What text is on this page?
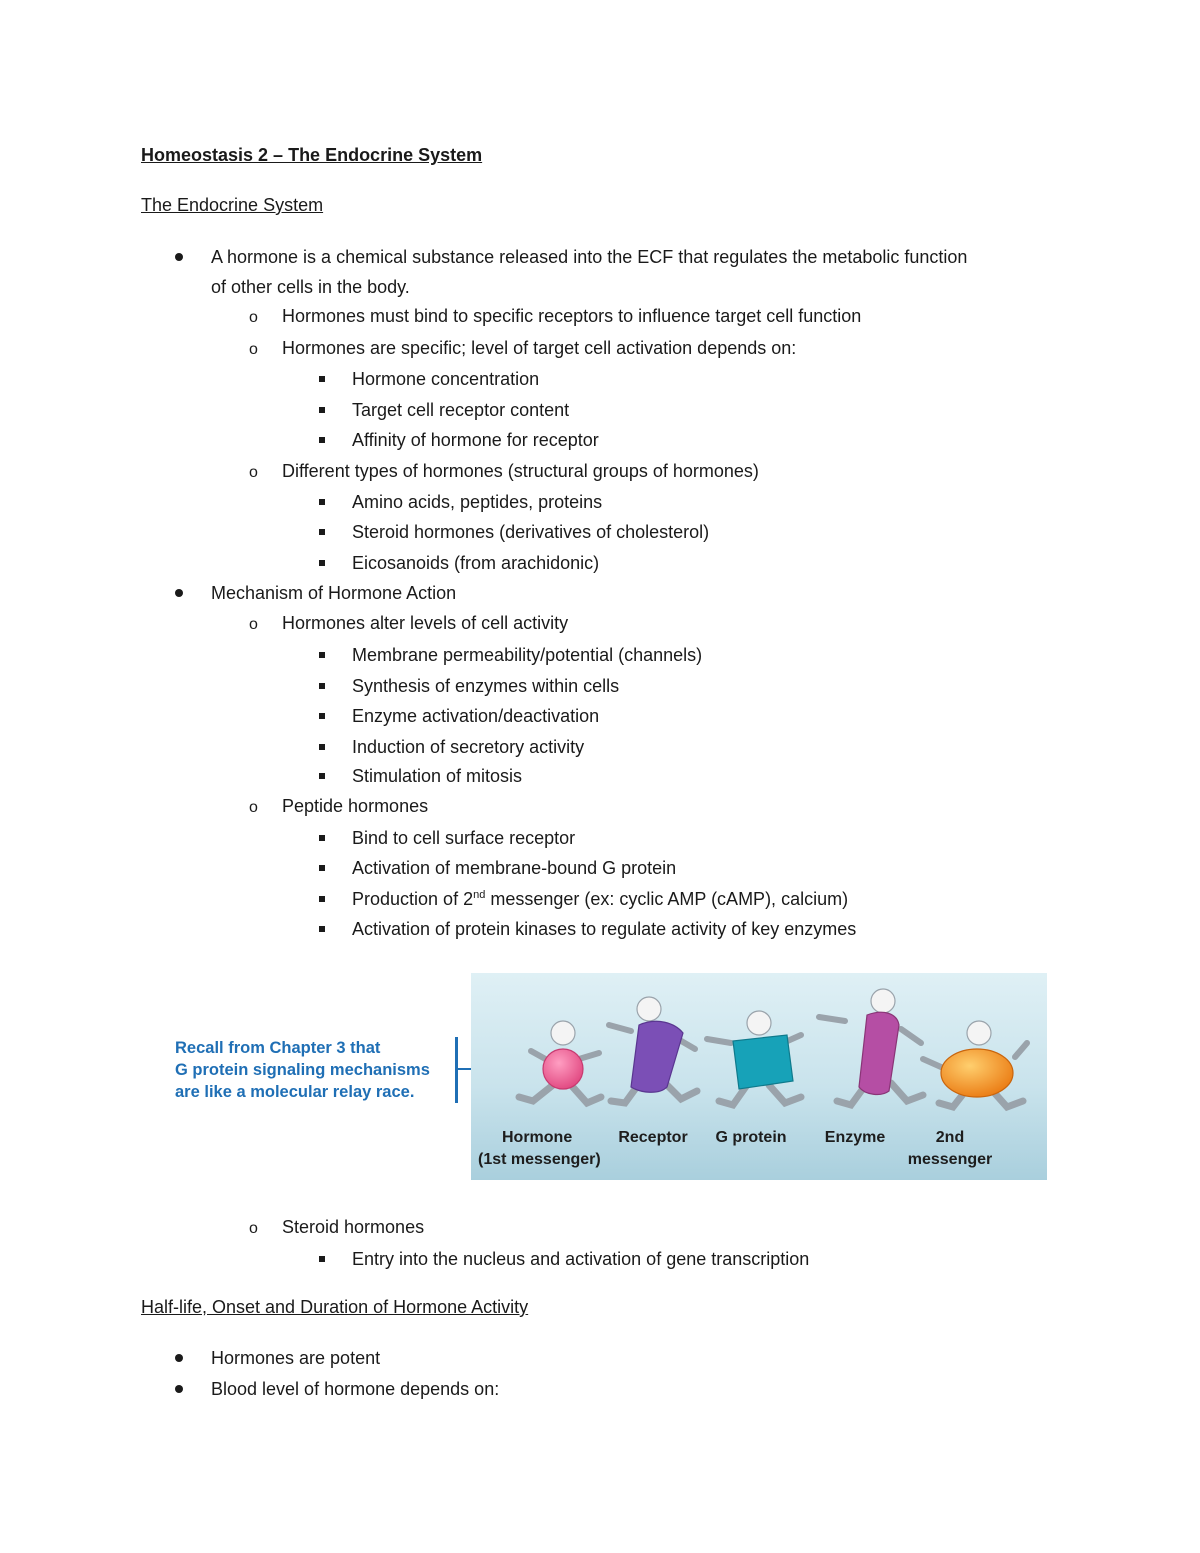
Homeostasis 2 – The Endocrine System
The Endocrine System
A hormone is a chemical substance released into the ECF that regulates the metabolic function
of other cells in the body.
o Hormones must bind to specific receptors to influence target cell function
o Hormones are specific; level of target cell activation depends on:
Hormone concentration
Target cell receptor content
Affinity of hormone for receptor
o Different types of hormones (structural groups of hormones)
Amino acids, peptides, proteins
Steroid hormones (derivatives of cholesterol)
Eicosanoids (from arachidonic)
Mechanism of Hormone Action
o Hormones alter levels of cell activity
Membrane permeability/potential (channels)
Synthesis of enzymes within cells
Enzyme activation/deactivation
Induction of secretory activity
Stimulation of mitosis
o Peptide hormones
Bind to cell surface receptor
Activation of membrane-bound G protein
Production of 2nd messenger (ex: cyclic AMP (cAMP), calcium)
Activation of protein kinases to regulate activity of key enzymes
Recall from Chapter 3 that
G protein signaling mechanisms
are like a molecular relay race.
Hormone
(1st messenger)
Receptor	G protein	Enzyme	2nd
messenger
o Steroid hormones
Entry into the nucleus and activation of gene transcription
Half-life, Onset and Duration of Hormone Activity
Hormones are potent
Blood level of hormone depends on:
